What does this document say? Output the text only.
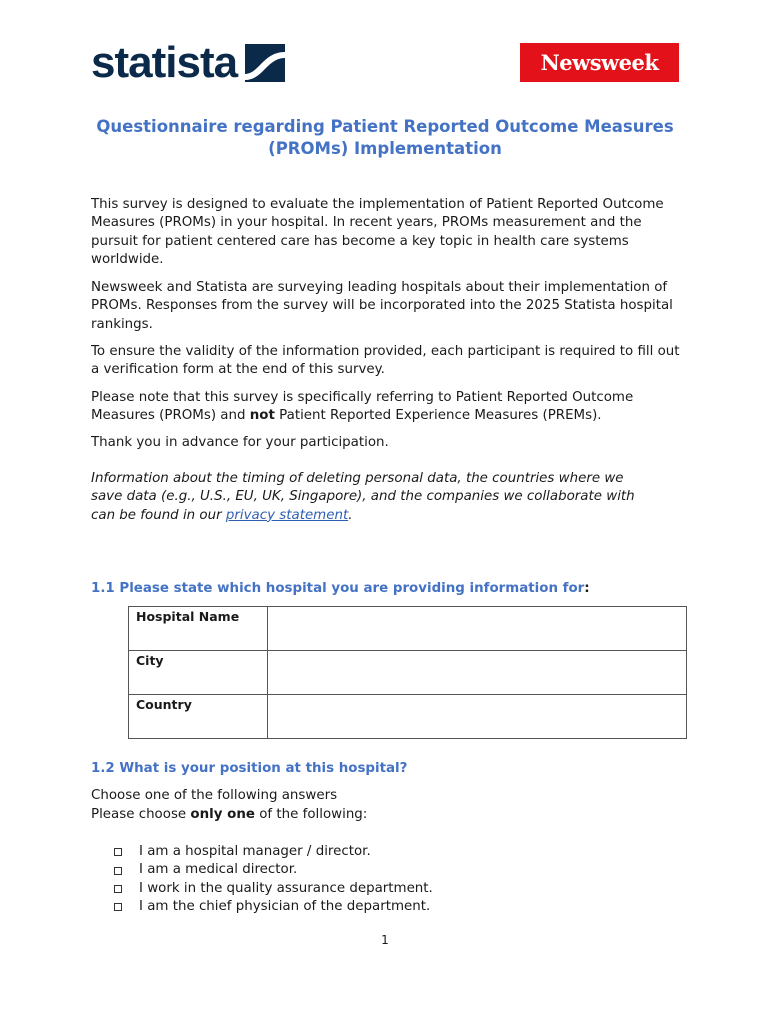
statista	Newsweek
Questionnaire regarding Patient Reported Outcome Measures
(PROMs) Implementation

This survey is designed to evaluate the implementation of Patient Reported Outcome Measures (PROMs) in your hospital. In recent years, PROMs measurement and the pursuit for patient centered care has become a key topic in health care systems worldwide.

Newsweek and Statista are surveying leading hospitals about their implementation of PROMs. Responses from the survey will be incorporated into the 2025 Statista hospital rankings.

To ensure the validity of the information provided, each participant is required to fill out a verification form at the end of this survey.

Please note that this survey is specifically referring to Patient Reported Outcome Measures (PROMs) and not Patient Reported Experience Measures (PREMs).

Thank you in advance for your participation.

Information about the timing of deleting personal data, the countries where we save data (e.g., U.S., EU, UK, Singapore), and the companies we collaborate with can be found in our privacy statement.

1.1 Please state which hospital you are providing information for:
Hospital Name	
City	
Country	
1.2 What is your position at this hospital?

Choose one of the following answers

Please choose only one of the following:

I am a hospital manager / director.
I am a medical director.
I work in the quality assurance department.
I am the chief physician of the department.
1
